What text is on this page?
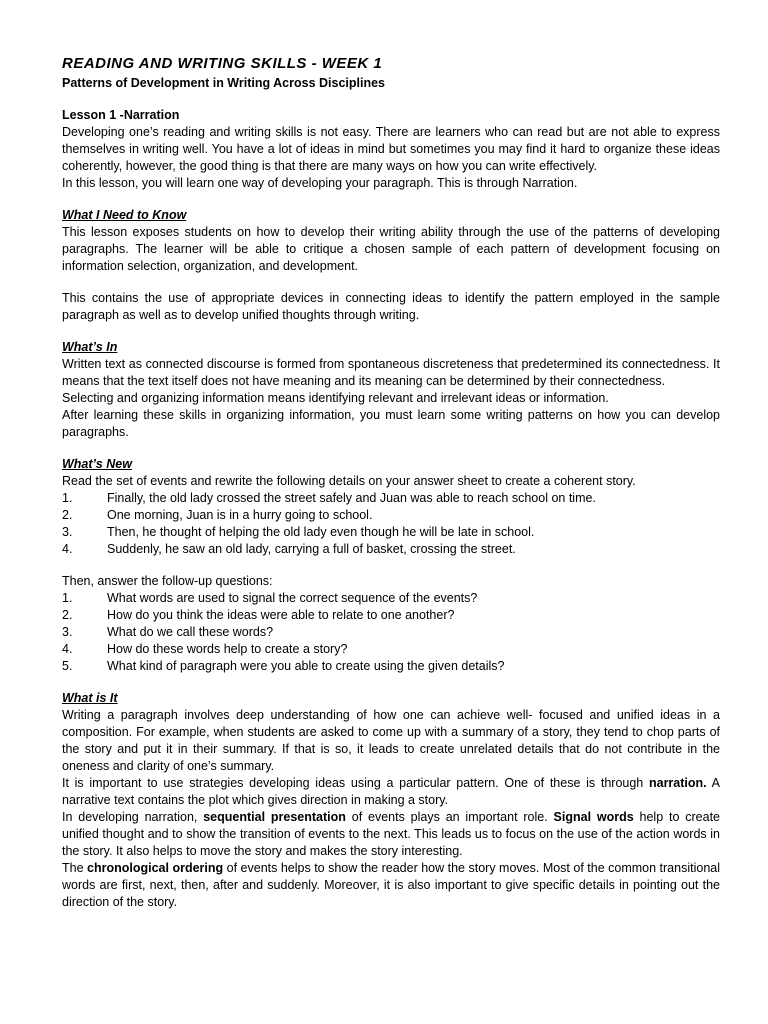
READING AND WRITING SKILLS - WEEK 1
Patterns of Development in Writing Across Disciplines
Lesson 1 -Narration

Developing one’s reading and writing skills is not easy. There are learners who can read but are not able to express themselves in writing well. You have a lot of ideas in mind but sometimes you may find it hard to organize these ideas coherently, however, the good thing is that there are many ways on how you can write effectively.

In this lesson, you will learn one way of developing your paragraph. This is through Narration.

What I Need to Know

This lesson exposes students on how to develop their writing ability through the use of the patterns of developing paragraphs. The learner will be able to critique a chosen sample of each pattern of development focusing on information selection, organization, and development.

This contains the use of appropriate devices in connecting ideas to identify the pattern employed in the sample paragraph as well as to develop unified thoughts through writing.

What’s In

Written text as connected discourse is formed from spontaneous discreteness that predetermined its connectedness. It means that the text itself does not have meaning and its meaning can be determined by their connectedness.

Selecting and organizing information means identifying relevant and irrelevant ideas or information.

After learning these skills in organizing information, you must learn some writing patterns on how you can develop paragraphs.

What’s New

Read the set of events and rewrite the following details on your answer sheet to create a coherent story.

1.	Finally, the old lady crossed the street safely and Juan was able to reach school on time.
2.	One morning, Juan is in a hurry going to school.
3.	Then, he thought of helping the old lady even though he will be late in school.
4.	Suddenly, he saw an old lady, carrying a full of basket, crossing the street.

Then, answer the follow-up questions:

1.	What words are used to signal the correct sequence of the events?
2.	How do you think the ideas were able to relate to one another?
3.	What do we call these words?
4.	How do these words help to create a story?
5.	What kind of paragraph were you able to create using the given details?
What is It

Writing a paragraph involves deep understanding of how one can achieve well- focused and unified ideas in a composition. For example, when students are asked to come up with a summary of a story, they tend to chop parts of the story and put it in their summary. If that is so, it leads to create unrelated details that do not contribute in the oneness and clarity of one’s summary.

It is important to use strategies developing ideas using a particular pattern. One of these is through narration. A narrative text contains the plot which gives direction in making a story.

In developing narration, sequential presentation of events plays an important role. Signal words help to create unified thought and to show the transition of events to the next. This leads us to focus on the use of the action words in the story. It also helps to move the story and makes the story interesting.

The chronological ordering of events helps to show the reader how the story moves. Most of the common transitional words are first, next, then, after and suddenly. Moreover, it is also important to give specific details in pointing out the direction of the story.
